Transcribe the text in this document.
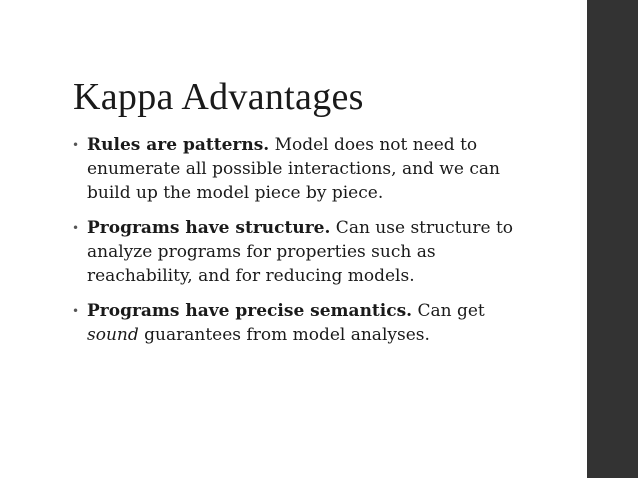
Kappa Advantages
• Rules are patterns. Model does not need to enumerate all possible interactions, and we can build up the model piece by piece.
• Programs have structure. Can use structure to analyze programs for properties such as reachability, and for reducing models.
• Programs have precise semantics. Can get sound guarantees from model analyses.
